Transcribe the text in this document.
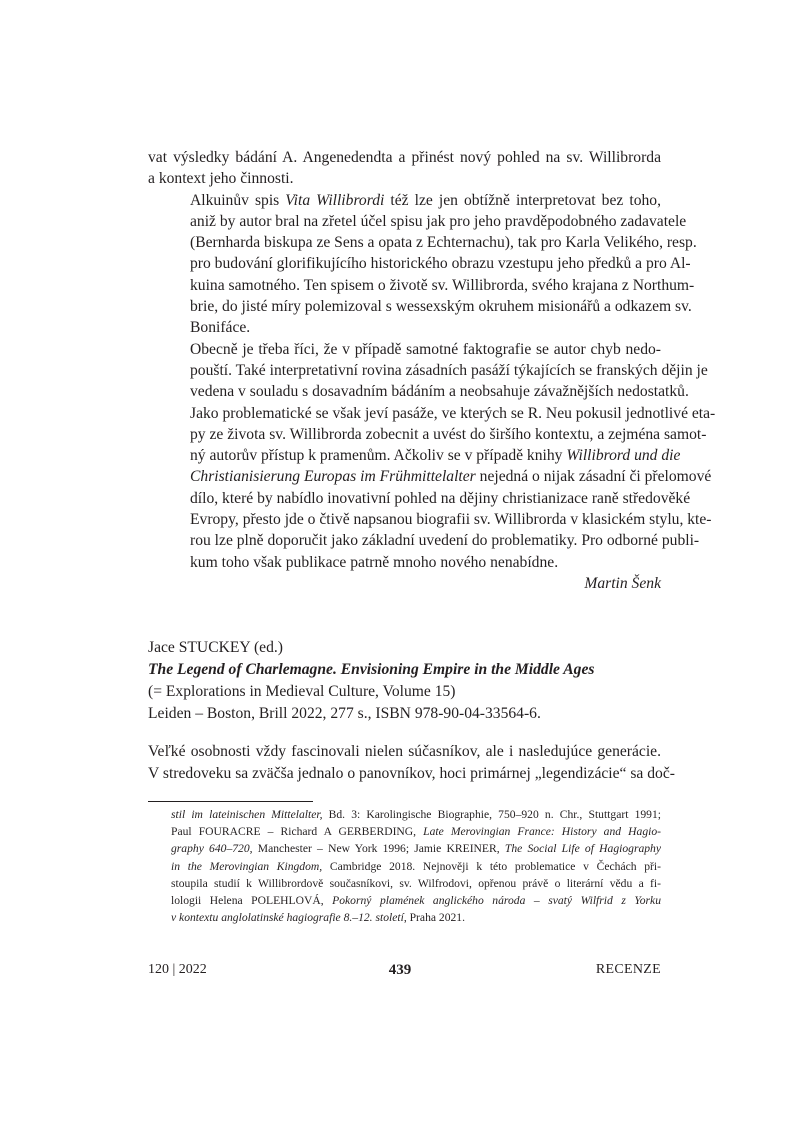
vat výsledky bádání A. Angenedendta a přinést nový pohled na sv. Willibrorda
a kontext jeho činnosti.

Alkuinův spis Vita Willibrordi též lze jen obtížně interpretovat bez toho,
aniž by autor bral na zřetel účel spisu jak pro jeho pravděpodobného zadavatele
(Bernharda biskupa ze Sens a opata z Echternachu), tak pro Karla Velikého, resp.
pro budování glorifikujícího historického obrazu vzestupu jeho předků a pro Al-
kuina samotného. Ten spisem o životě sv. Willibrorda, svého krajana z Northum-
brie, do jisté míry polemizoval s wessexským okruhem misionářů a odkazem sv.
Bonifáce.

Obecně je třeba říci, že v případě samotné faktografie se autor chyb nedo-
pouští. Také interpretativní rovina zásadních pasáží týkajících se franských dějin je
vedena v souladu s dosavadním bádáním a neobsahuje závažnějších nedostatků.
Jako problematické se však jeví pasáže, ve kterých se R. Neu pokusil jednotlivé eta-
py ze života sv. Willibrorda zobecnit a uvést do širšího kontextu, a zejména samot-
ný autorův přístup k pramenům. Ačkoliv se v případě knihy Willibrord und die
Christianisierung Europas im Frühmittelalter nejedná o nijak zásadní či přelomové
dílo, které by nabídlo inovativní pohled na dějiny christianizace raně středověké
Evropy, přesto jde o čtivě napsanou biografii sv. Willibrorda v klasickém stylu, kte-
rou lze plně doporučit jako základní uvedení do problematiky. Pro odborné publi-
kum toho však publikace patrně mnoho nového nenabídne.
Martin Šenk

Jace STUCKEY (ed.)
The Legend of Charlemagne. Envisioning Empire in the Middle Ages
(= Explorations in Medieval Culture, Volume 15)
Leiden – Boston, Brill 2022, 277 s., ISBN 978-90-04-33564-6.

Veľké osobnosti vždy fascinovali nielen súčasníkov, ale i nasledujúce generácie.
V stredoveku sa zväčša jednalo o panovníkov, hoci primárnej „legendizácie“ sa doč-

stil im lateinischen Mittelalter, Bd. 3: Karolingische Biographie, 750–920 n. Chr., Stuttgart 1991;
Paul FOURACRE – Richard A GERBERDING, Late Merovingian France: History and Hagio-
graphy 640–720, Manchester – New York 1996; Jamie KREINER, The Social Life of Hagiography
in the Merovingian Kingdom, Cambridge 2018. Nejnověji k této problematice v Čechách při-
stoupila studií k Willibrordově současníkovi, sv. Wilfrodovi, opřenou právě o literární vědu a fi-
lologii Helena POLEHLOVÁ, Pokorný plamének anglického národa – svatý Wilfrid z Yorku
v kontextu anglolatinské hagiografie 8.–12. století, Praha 2021.
120 | 2022	439	RECENZE
